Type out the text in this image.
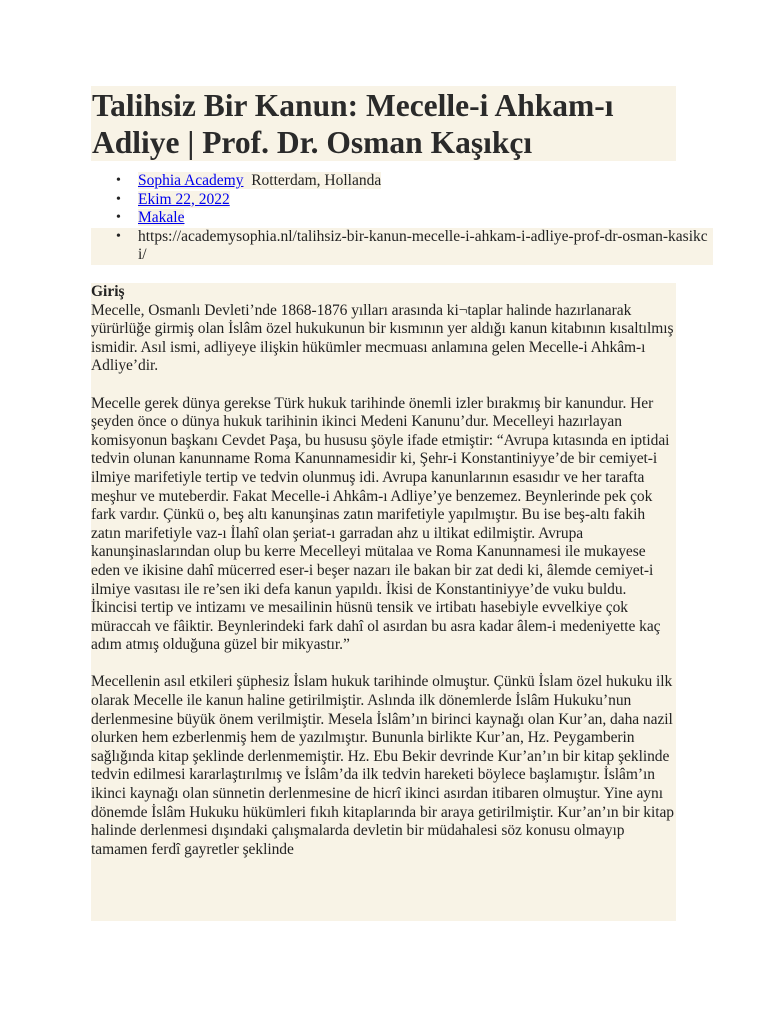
Talihsiz Bir Kanun: Mecelle-i Ahkam-ı Adliye | Prof. Dr. Osman Kaşıkçı
• Sophia Academy Rotterdam, Hollanda
• Ekim 22, 2022
• Makale
• https://academysophia.nl/talihsiz-bir-kanun-mecelle-i-ahkam-i-adliye-prof-dr-osman-kasikci/
Giriş

Mecelle, Osmanlı Devleti’nde 1868-1876 yılları arasında ki¬taplar halinde hazırlanarak yürürlüğe girmiş olan İslâm özel hukukunun bir kısmının yer aldığı kanun kitabının kısaltılmış ismidir. Asıl ismi, adliyeye ilişkin hükümler mecmuası anlamına gelen Mecelle-i Ahkâm-ı Adliye’dir.

Mecelle gerek dünya gerekse Türk hukuk tarihinde önemli izler bırakmış bir kanundur. Her şeyden önce o dünya hukuk tarihinin ikinci Medeni Kanunu’dur. Mecelleyi hazırlayan komisyonun başkanı Cevdet Paşa, bu hususu şöyle ifade etmiştir: “Avrupa kıtasında en iptidai tedvin olunan kanunname Roma Kanunnamesidir ki, Şehr-i Konstantiniyye’de bir cemiyet-i ilmiye marifetiyle tertip ve tedvin olunmuş idi. Avrupa kanunlarının esasıdır ve her tarafta meşhur ve muteberdir. Fakat Mecelle-i Ahkâm-ı Adliye’ye benzemez. Beynlerinde pek çok fark vardır. Çünkü o, beş altı kanunşinas zatın marifetiyle yapılmıştır. Bu ise beş-altı fakih zatın marifetiyle vaz-ı İlahî olan şeriat-ı garradan ahz u iltikat edilmiştir. Avrupa kanunşinaslarından olup bu kerre Mecelleyi mütalaa ve Roma Kanunnamesi ile mukayese eden ve ikisine dahî mücerred eser-i beşer nazarı ile bakan bir zat dedi ki, âlemde cemiyet-i ilmiye vasıtası ile re’sen iki defa kanun yapıldı. İkisi de Konstantiniyye’de vuku buldu. İkincisi tertip ve intizamı ve mesailinin hüsnü tensik ve irtibatı hasebiyle evvelkiye çok müraccah ve fâiktir. Beynlerindeki fark dahî ol asırdan bu asra kadar âlem-i medeniyette kaç adım atmış olduğuna güzel bir mikyastır.”

Mecellenin asıl etkileri şüphesiz İslam hukuk tarihinde olmuştur. Çünkü İslam özel hukuku ilk olarak Mecelle ile kanun haline getirilmiştir. Aslında ilk dönemlerde İslâm Hukuku’nun derlenmesine büyük önem verilmiştir. Mesela İslâm’ın birinci kaynağı olan Kur’an, daha nazil olurken hem ezberlenmiş hem de yazılmıştır. Bununla birlikte Kur’an, Hz. Peygamberin sağlığında kitap şeklinde derlenmemiştir. Hz. Ebu Bekir devrinde Kur’an’ın bir kitap şeklinde tedvin edilmesi kararlaştırılmış ve İslâm’da ilk tedvin hareketi böylece başlamıştır. İslâm’ın ikinci kaynağı olan sünnetin derlenmesine de hicrî ikinci asırdan itibaren olmuştur. Yine aynı dönemde İslâm Hukuku hükümleri fıkıh kitaplarında bir araya getirilmiştir. Kur’an’ın bir kitap halinde derlenmesi dışındaki çalışmalarda devletin bir müdahalesi söz konusu olmayıp tamamen ferdî gayretler şeklinde
